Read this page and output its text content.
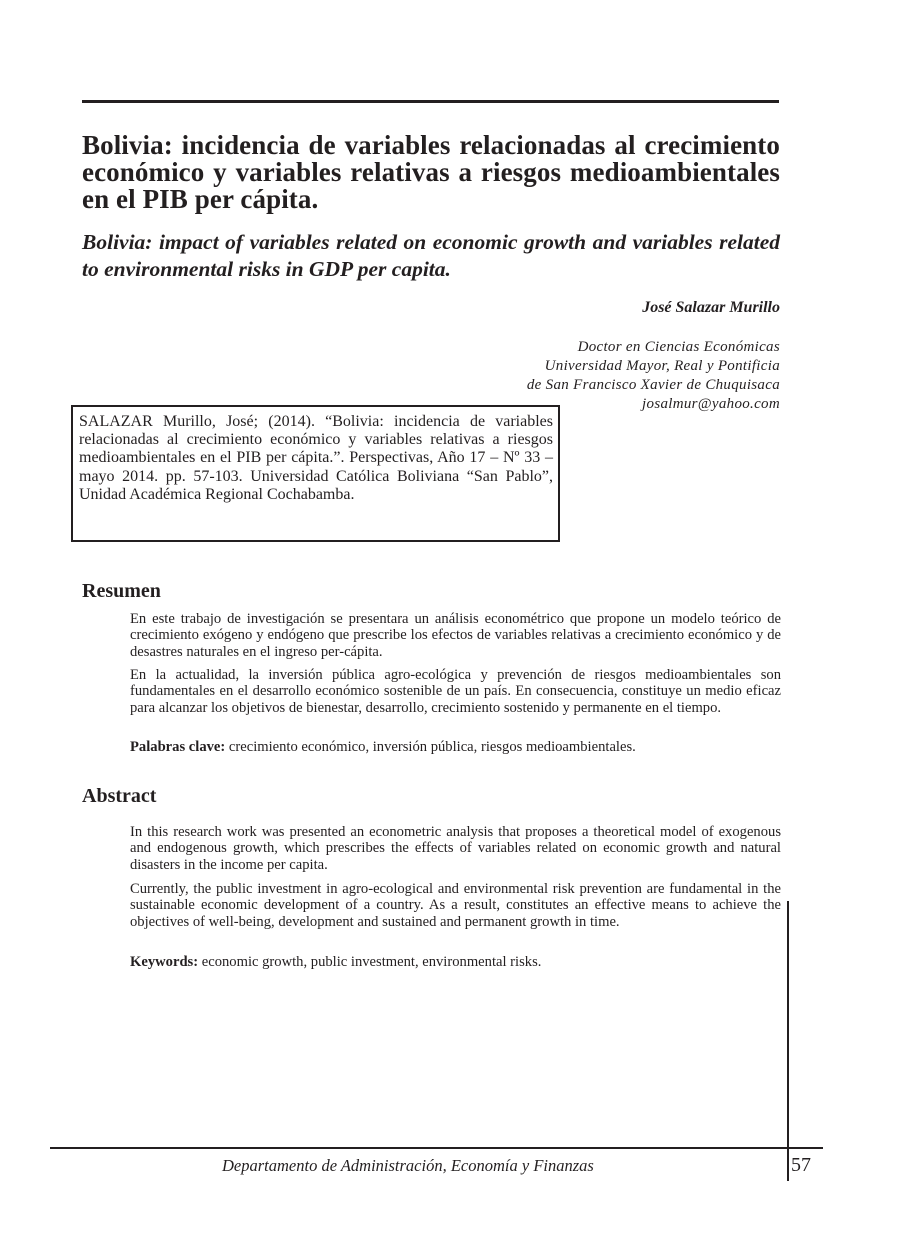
Bolivia: incidencia de variables relacionadas al crecimiento económico y variables relativas a riesgos medioambientales en el PIB per cápita.
Bolivia: impact of variables related on economic growth and variables related to environmental risks in GDP per capita.
José Salazar Murillo
Doctor en Ciencias Económicas
Universidad Mayor, Real y Pontificia
de San Francisco Xavier de Chuquisaca
josalmur@yahoo.com
SALAZAR Murillo, José; (2014). “Bolivia: incidencia de variables relacionadas al crecimiento económico y variables relativas a riesgos medioambientales en el PIB per cápita.”. Perspectivas, Año 17 – Nº 33 – mayo 2014. pp. 57-103. Universidad Católica Boliviana “San Pablo”, Unidad Académica Regional Cochabamba.
Resumen

En este trabajo de investigación se presentara un análisis econométrico que propone un modelo teórico de crecimiento exógeno y endógeno que prescribe los efectos de variables relativas a crecimiento económico y de desastres naturales en el ingreso per-cápita.

En la actualidad, la inversión pública agro-ecológica y prevención de riesgos medioambientales son fundamentales en el desarrollo económico sostenible de un país. En consecuencia, constituye un medio eficaz para alcanzar los objetivos de bienestar, desarrollo, crecimiento sostenido y permanente en el tiempo.

Palabras clave: crecimiento económico, inversión pública, riesgos medioambientales.

Abstract

In this research work was presented an econometric analysis that proposes a theoretical model of exogenous and endogenous growth, which prescribes the effects of variables related on economic growth and natural disasters in the income per capita.

Currently, the public investment in agro-ecological and environmental risk prevention are fundamental in the sustainable economic development of a country. As a result, constitutes an effective means to achieve the objectives of well-being, development and sustained and permanent growth in time.

Keywords: economic growth, public investment, environmental risks.

Departamento de Administración, Economía y Finanzas	57
